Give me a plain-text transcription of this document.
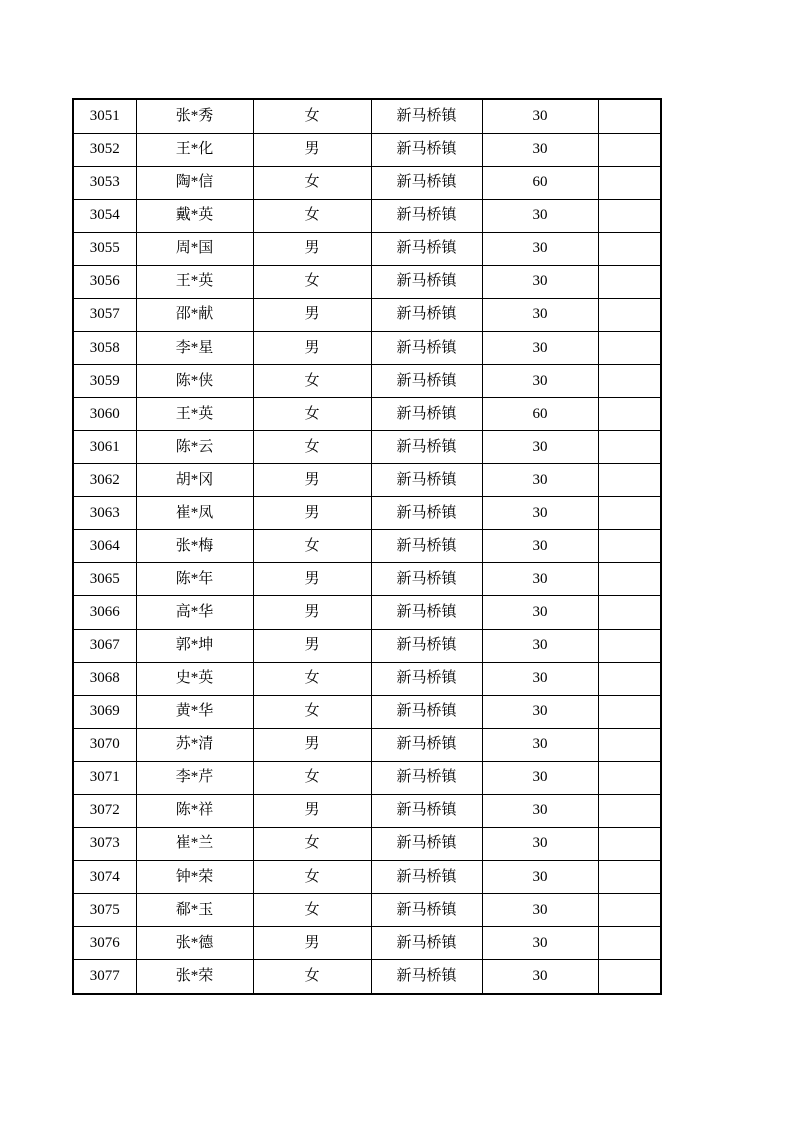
3051	张*秀	女	新马桥镇	30	
3052	王*化	男	新马桥镇	30	
3053	陶*信	女	新马桥镇	60	
3054	戴*英	女	新马桥镇	30	
3055	周*国	男	新马桥镇	30	
3056	王*英	女	新马桥镇	30	
3057	邵*献	男	新马桥镇	30	
3058	李*星	男	新马桥镇	30	
3059	陈*侠	女	新马桥镇	30	
3060	王*英	女	新马桥镇	60	
3061	陈*云	女	新马桥镇	30	
3062	胡*冈	男	新马桥镇	30	
3063	崔*凤	男	新马桥镇	30	
3064	张*梅	女	新马桥镇	30	
3065	陈*年	男	新马桥镇	30	
3066	高*华	男	新马桥镇	30	
3067	郭*坤	男	新马桥镇	30	
3068	史*英	女	新马桥镇	30	
3069	黄*华	女	新马桥镇	30	
3070	苏*清	男	新马桥镇	30	
3071	李*芹	女	新马桥镇	30	
3072	陈*祥	男	新马桥镇	30	
3073	崔*兰	女	新马桥镇	30	
3074	钟*荣	女	新马桥镇	30	
3075	郗*玉	女	新马桥镇	30	
3076	张*德	男	新马桥镇	30	
3077	张*荣	女	新马桥镇	30	
